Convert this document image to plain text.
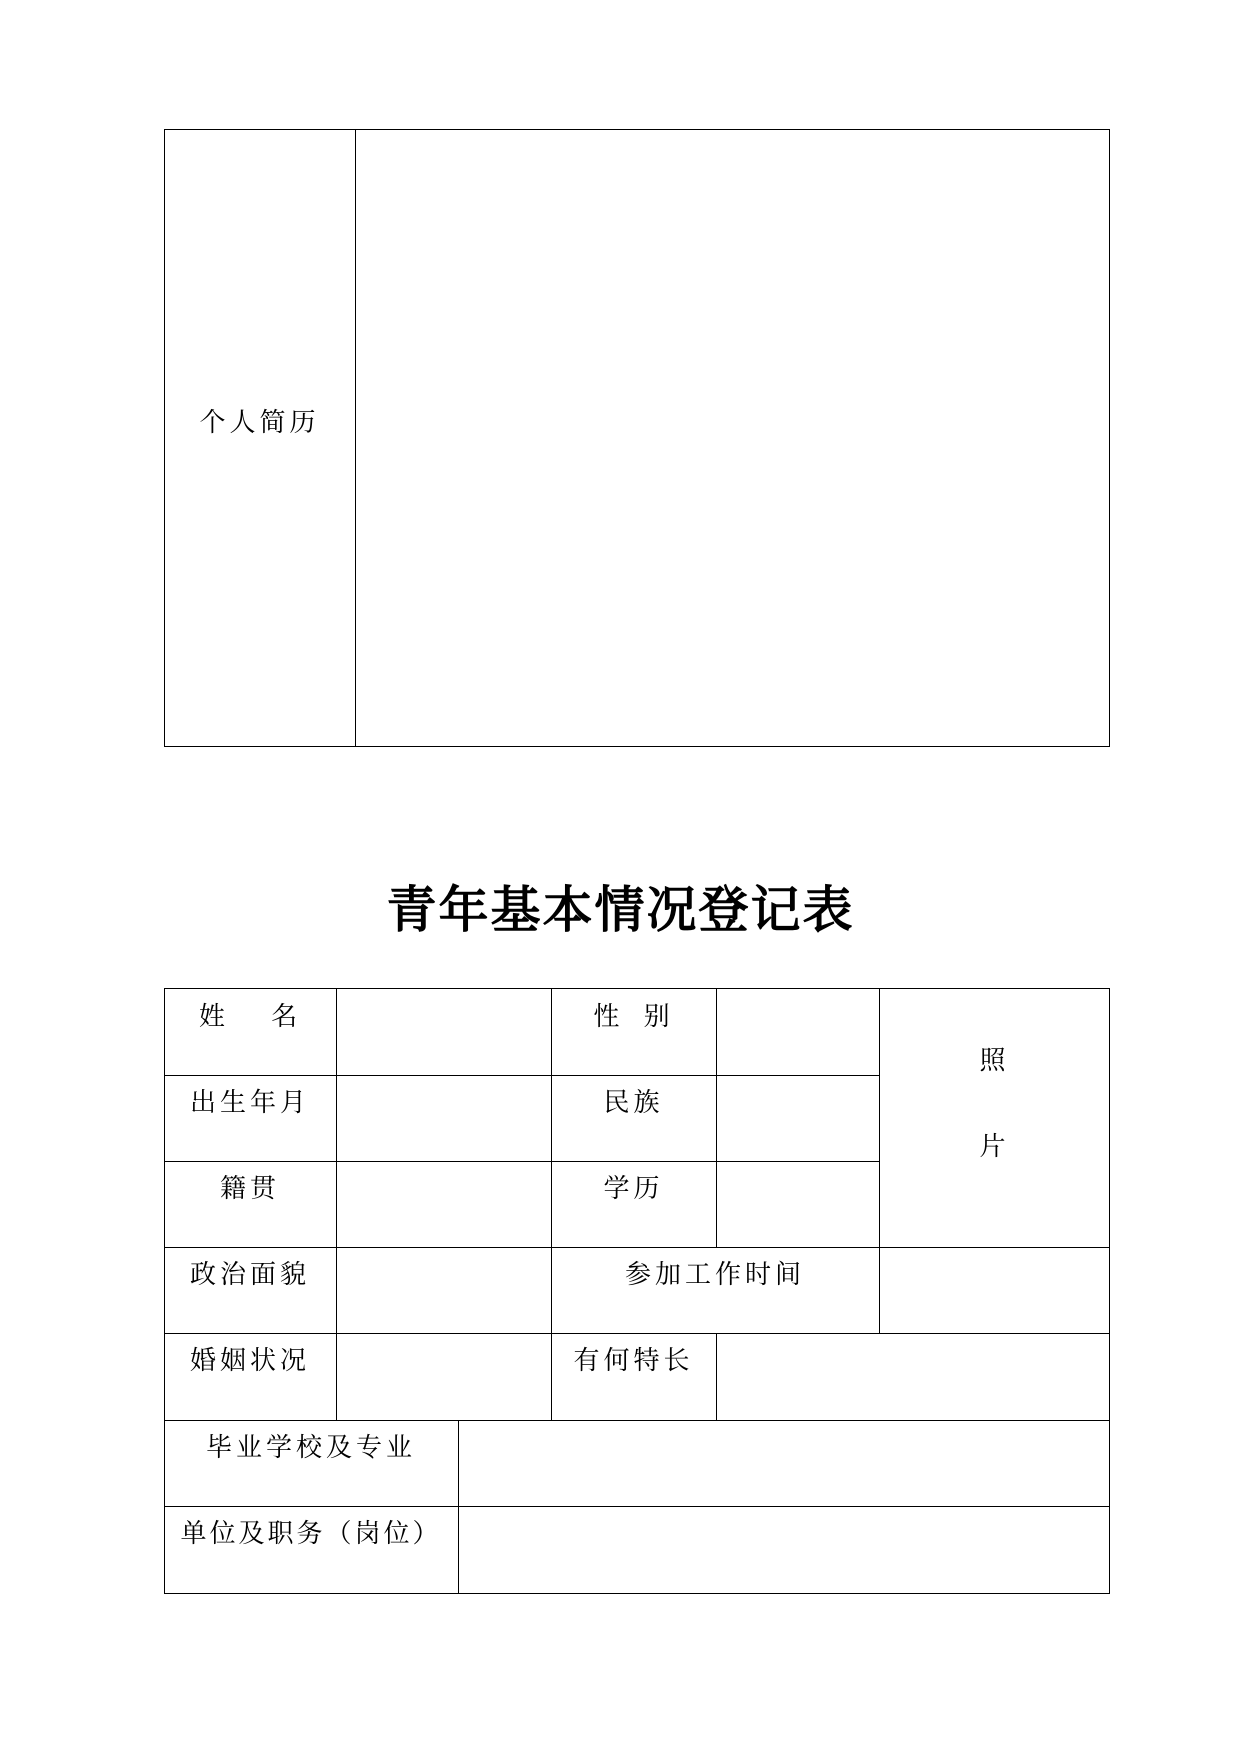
个人简历
青年基本情况登记表
姓 名	性 别
照
片
出生年月	民族
籍贯	学历
政治面貌	参加工作时间
婚姻状况	有何特长
毕业学校及专业
单位及职务（岗位）
